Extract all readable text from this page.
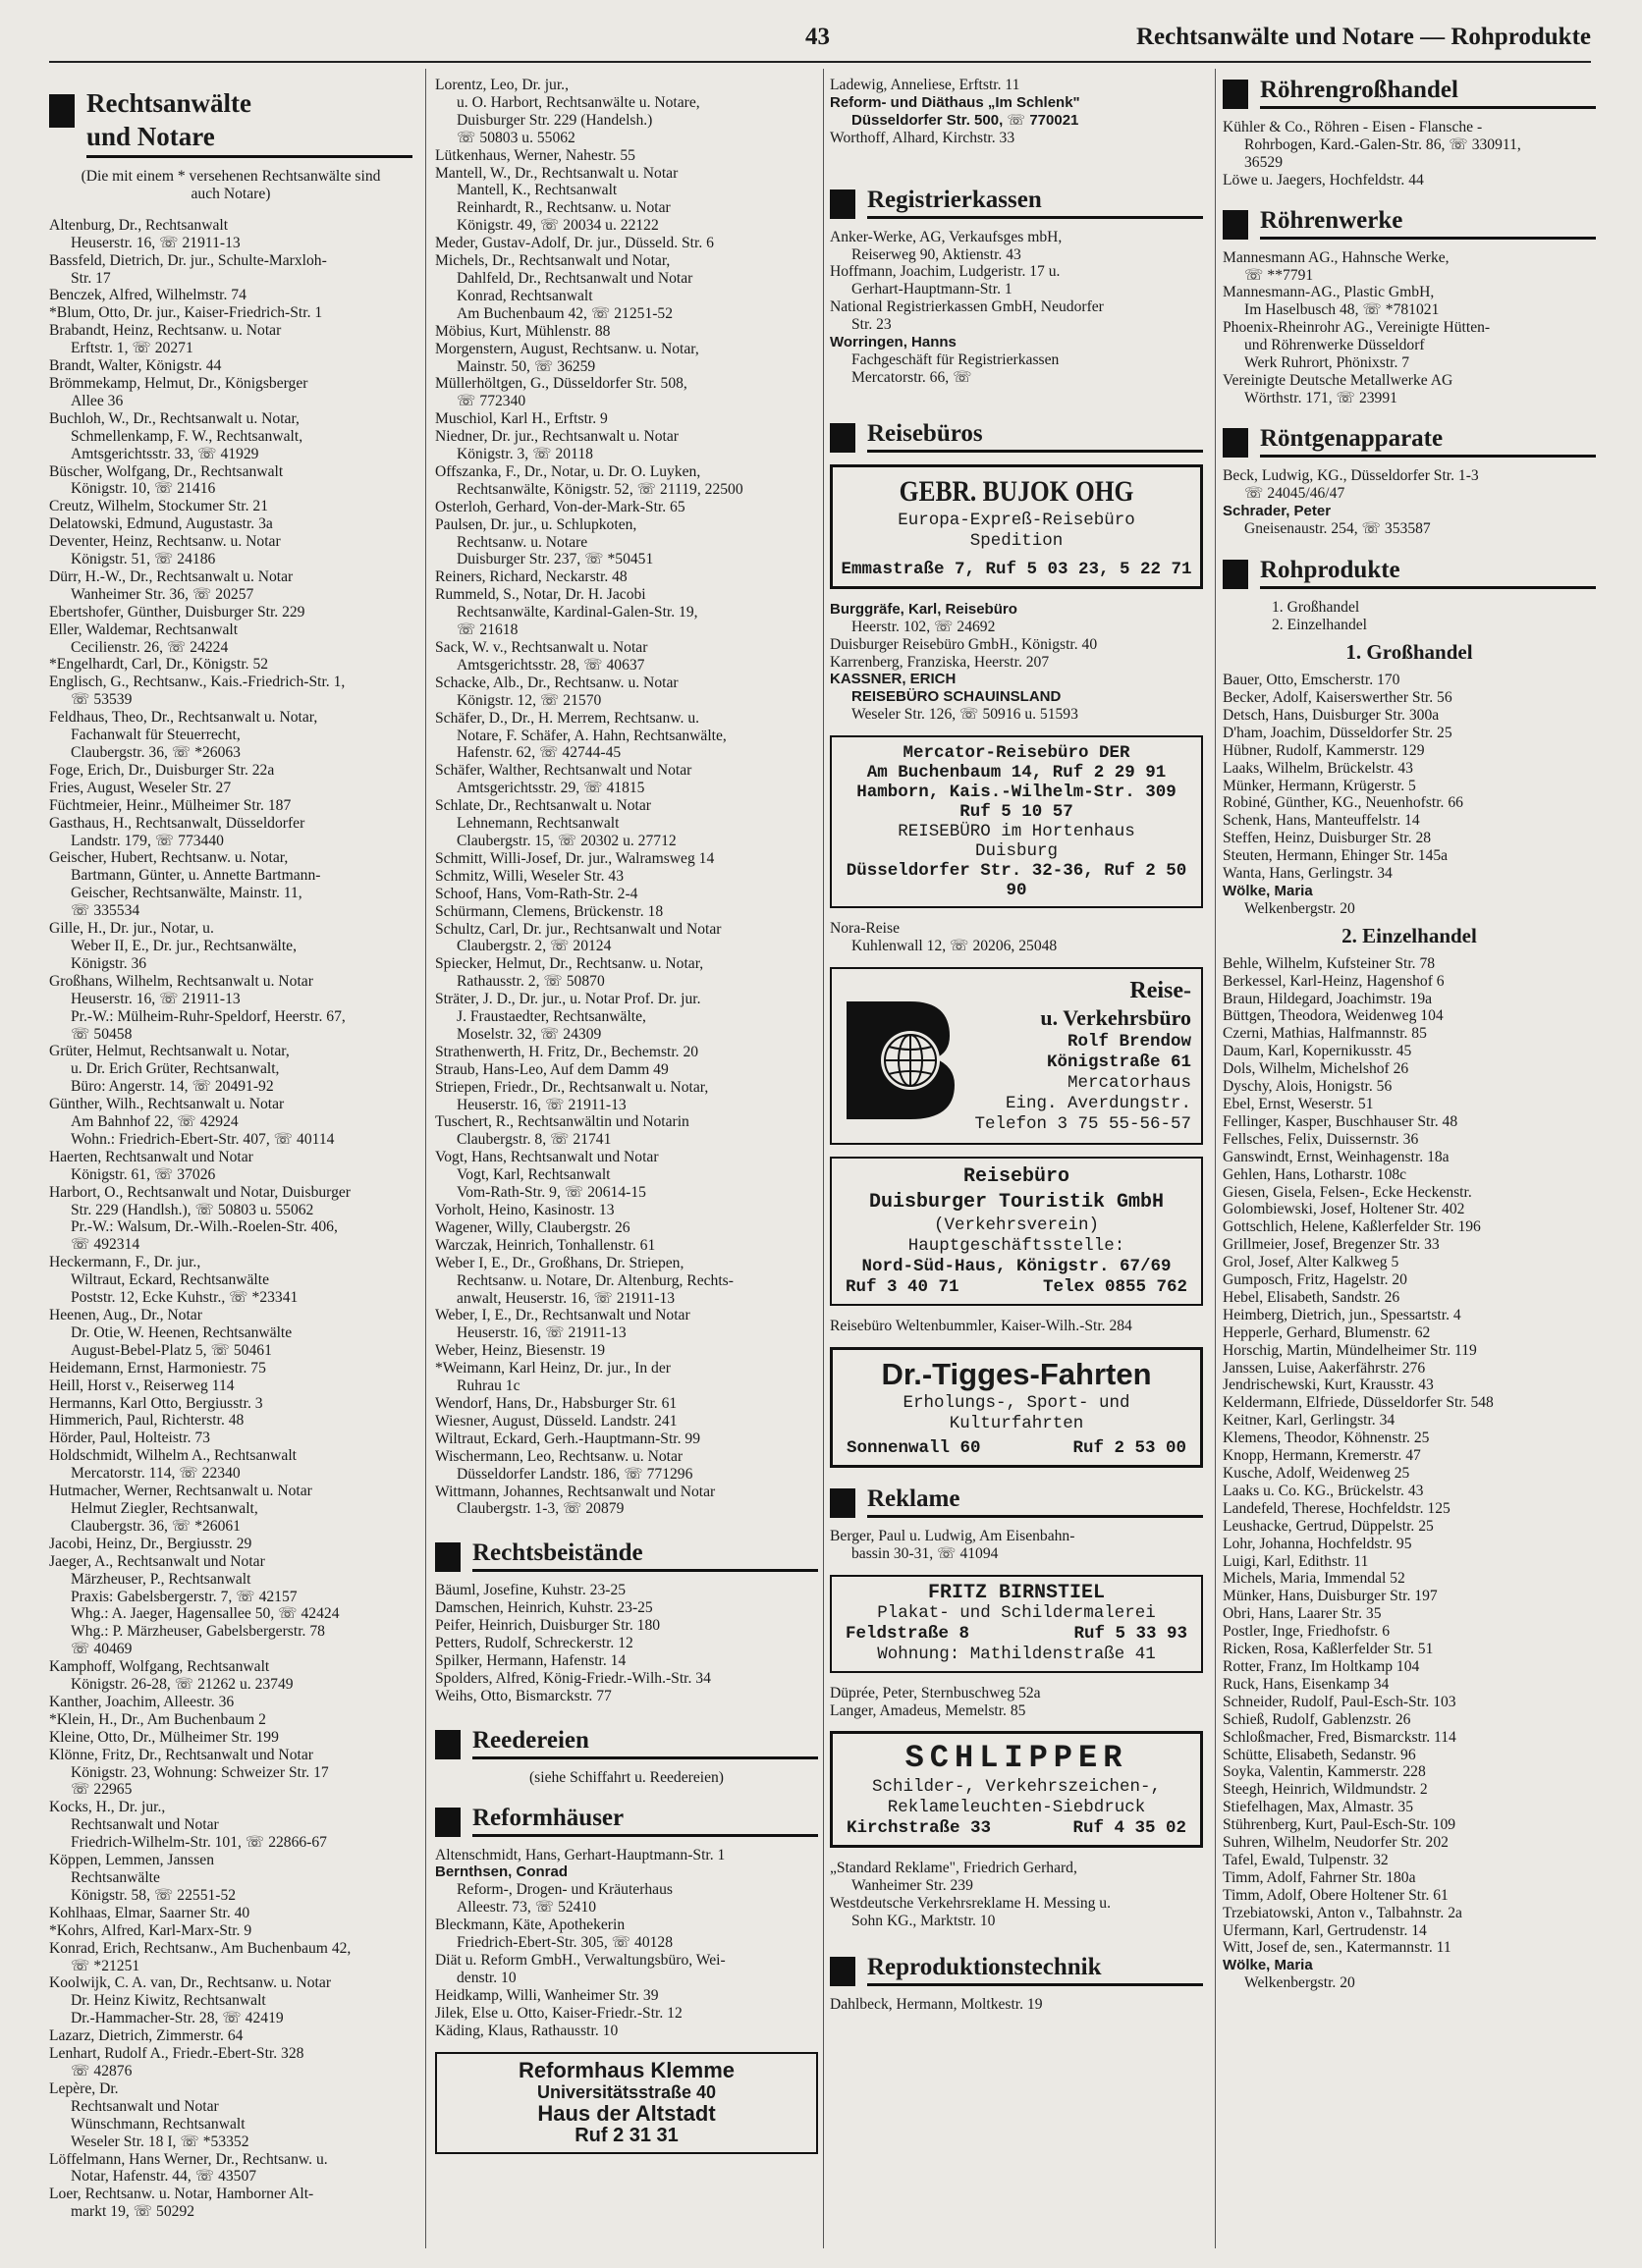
43	Rechtsanwälte und Notare — Rohprodukte
Rechtsanwälte
und Notare
(Die mit einem * versehenen Rechtsanwälte sind auch Notare)
Altenburg, Dr., Rechtsanwalt
Heuserstr. 16, ☏ 21911-13
Bassfeld, Dietrich, Dr. jur., Schulte-Marxloh-
Str. 17
Benczek, Alfred, Wilhelmstr. 74
*Blum, Otto, Dr. jur., Kaiser-Friedrich-Str. 1
Brabandt, Heinz, Rechtsanw. u. Notar
Erftstr. 1, ☏ 20271
Brandt, Walter, Königstr. 44
Brömmekamp, Helmut, Dr., Königsberger
Allee 36
Buchloh, W., Dr., Rechtsanwalt u. Notar,
Schmellenkamp, F. W., Rechtsanwalt,
Amtsgerichtsstr. 33, ☏ 41929
Büscher, Wolfgang, Dr., Rechtsanwalt
Königstr. 10, ☏ 21416
Creutz, Wilhelm, Stockumer Str. 21
Delatowski, Edmund, Augustastr. 3a
Deventer, Heinz, Rechtsanw. u. Notar
Königstr. 51, ☏ 24186
Dürr, H.-W., Dr., Rechtsanwalt u. Notar
Wanheimer Str. 36, ☏ 20257
Ebertshofer, Günther, Duisburger Str. 229
Eller, Waldemar, Rechtsanwalt
Cecilienstr. 26, ☏ 24224
*Engelhardt, Carl, Dr., Königstr. 52
Englisch, G., Rechtsanw., Kais.-Friedrich-Str. 1,
☏ 53539
Feldhaus, Theo, Dr., Rechtsanwalt u. Notar,
Fachanwalt für Steuerrecht,
Claubergstr. 36, ☏ *26063
Foge, Erich, Dr., Duisburger Str. 22a
Fries, August, Weseler Str. 27
Füchtmeier, Heinr., Mülheimer Str. 187
Gasthaus, H., Rechtsanwalt, Düsseldorfer
Landstr. 179, ☏ 773440
Geischer, Hubert, Rechtsanw. u. Notar,
Bartmann, Günter, u. Annette Bartmann-
Geischer, Rechtsanwälte, Mainstr. 11,
☏ 335534
Gille, H., Dr. jur., Notar, u.
Weber II, E., Dr. jur., Rechtsanwälte,
Königstr. 36
Großhans, Wilhelm, Rechtsanwalt u. Notar
Heuserstr. 16, ☏ 21911-13
Pr.-W.: Mülheim-Ruhr-Speldorf, Heerstr. 67,
☏ 50458
Grüter, Helmut, Rechtsanwalt u. Notar,
u. Dr. Erich Grüter, Rechtsanwalt,
Büro: Angerstr. 14, ☏ 20491-92
Günther, Wilh., Rechtsanwalt u. Notar
Am Bahnhof 22, ☏ 42924
Wohn.: Friedrich-Ebert-Str. 407, ☏ 40114
Haerten, Rechtsanwalt und Notar
Königstr. 61, ☏ 37026
Harbort, O., Rechtsanwalt und Notar, Duisburger
Str. 229 (Handlsh.), ☏ 50803 u. 55062
Pr.-W.: Walsum, Dr.-Wilh.-Roelen-Str. 406,
☏ 492314
Heckermann, F., Dr. jur.,
Wiltraut, Eckard, Rechtsanwälte
Poststr. 12, Ecke Kuhstr., ☏ *23341
Heenen, Aug., Dr., Notar
Dr. Otie, W. Heenen, Rechtsanwälte
August-Bebel-Platz 5, ☏ 50461
Heidemann, Ernst, Harmoniestr. 75
Heill, Horst v., Reiserweg 114
Hermanns, Karl Otto, Bergiusstr. 3
Himmerich, Paul, Richterstr. 48
Hörder, Paul, Holteistr. 73
Holdschmidt, Wilhelm A., Rechtsanwalt
Mercatorstr. 114, ☏ 22340
Hutmacher, Werner, Rechtsanwalt u. Notar
Helmut Ziegler, Rechtsanwalt,
Claubergstr. 36, ☏ *26061
Jacobi, Heinz, Dr., Bergiusstr. 29
Jaeger, A., Rechtsanwalt und Notar
Märzheuser, P., Rechtsanwalt
Praxis: Gabelsbergerstr. 7, ☏ 42157
Whg.: A. Jaeger, Hagensallee 50, ☏ 42424
Whg.: P. Märzheuser, Gabelsbergerstr. 78
☏ 40469
Kamphoff, Wolfgang, Rechtsanwalt
Königstr. 26-28, ☏ 21262 u. 23749
Kanther, Joachim, Alleestr. 36
*Klein, H., Dr., Am Buchenbaum 2
Kleine, Otto, Dr., Mülheimer Str. 199
Klönne, Fritz, Dr., Rechtsanwalt und Notar
Königstr. 23, Wohnung: Schweizer Str. 17
☏ 22965
Kocks, H., Dr. jur.,
Rechtsanwalt und Notar
Friedrich-Wilhelm-Str. 101, ☏ 22866-67
Köppen, Lemmen, Janssen
Rechtsanwälte
Königstr. 58, ☏ 22551-52
Kohlhaas, Elmar, Saarner Str. 40
*Kohrs, Alfred, Karl-Marx-Str. 9
Konrad, Erich, Rechtsanw., Am Buchenbaum 42,
☏ *21251
Koolwijk, C. A. van, Dr., Rechtsanw. u. Notar
Dr. Heinz Kiwitz, Rechtsanwalt
Dr.-Hammacher-Str. 28, ☏ 42419
Lazarz, Dietrich, Zimmerstr. 64
Lenhart, Rudolf A., Friedr.-Ebert-Str. 328
☏ 42876
Lepère, Dr.
Rechtsanwalt und Notar
Wünschmann, Rechtsanwalt
Weseler Str. 18 I, ☏ *53352
Löffelmann, Hans Werner, Dr., Rechtsanw. u.
Notar, Hafenstr. 44, ☏ 43507
Loer, Rechtsanw. u. Notar, Hamborner Alt-
markt 19, ☏ 50292
Lorentz, Leo, Dr. jur.,
u. O. Harbort, Rechtsanwälte u. Notare,
Duisburger Str. 229 (Handelsh.)
☏ 50803 u. 55062
Lütkenhaus, Werner, Nahestr. 55
Mantell, W., Dr., Rechtsanwalt u. Notar
Mantell, K., Rechtsanwalt
Reinhardt, R., Rechtsanw. u. Notar
Königstr. 49, ☏ 20034 u. 22122
Meder, Gustav-Adolf, Dr. jur., Düsseld. Str. 6
Michels, Dr., Rechtsanwalt und Notar,
Dahlfeld, Dr., Rechtsanwalt und Notar
Konrad, Rechtsanwalt
Am Buchenbaum 42, ☏ 21251-52
Möbius, Kurt, Mühlenstr. 88
Morgenstern, August, Rechtsanw. u. Notar,
Mainstr. 50, ☏ 36259
Müllerhöltgen, G., Düsseldorfer Str. 508,
☏ 772340
Muschiol, Karl H., Erftstr. 9
Niedner, Dr. jur., Rechtsanwalt u. Notar
Königstr. 3, ☏ 20118
Offszanka, F., Dr., Notar, u. Dr. O. Luyken,
Rechtsanwälte, Königstr. 52, ☏ 21119, 22500
Osterloh, Gerhard, Von-der-Mark-Str. 65
Paulsen, Dr. jur., u. Schlupkoten,
Rechtsanw. u. Notare
Duisburger Str. 237, ☏ *50451
Reiners, Richard, Neckarstr. 48
Rummeld, S., Notar, Dr. H. Jacobi
Rechtsanwälte, Kardinal-Galen-Str. 19,
☏ 21618
Sack, W. v., Rechtsanwalt u. Notar
Amtsgerichtsstr. 28, ☏ 40637
Schacke, Alb., Dr., Rechtsanw. u. Notar
Königstr. 12, ☏ 21570
Schäfer, D., Dr., H. Merrem, Rechtsanw. u.
Notare, F. Schäfer, A. Hahn, Rechtsanwälte,
Hafenstr. 62, ☏ 42744-45
Schäfer, Walther, Rechtsanwalt und Notar
Amtsgerichtsstr. 29, ☏ 41815
Schlate, Dr., Rechtsanwalt u. Notar
Lehnemann, Rechtsanwalt
Claubergstr. 15, ☏ 20302 u. 27712
Schmitt, Willi-Josef, Dr. jur., Walramsweg 14
Schmitz, Willi, Weseler Str. 43
Schoof, Hans, Vom-Rath-Str. 2-4
Schürmann, Clemens, Brückenstr. 18
Schultz, Carl, Dr. jur., Rechtsanwalt und Notar
Claubergstr. 2, ☏ 20124
Spiecker, Helmut, Dr., Rechtsanw. u. Notar,
Rathausstr. 2, ☏ 50870
Sträter, J. D., Dr. jur., u. Notar Prof. Dr. jur.
J. Fraustaedter, Rechtsanwälte,
Moselstr. 32, ☏ 24309
Strathenwerth, H. Fritz, Dr., Bechemstr. 20
Straub, Hans-Leo, Auf dem Damm 49
Striepen, Friedr., Dr., Rechtsanwalt u. Notar,
Heuserstr. 16, ☏ 21911-13
Tuschert, R., Rechtsanwältin und Notarin
Claubergstr. 8, ☏ 21741
Vogt, Hans, Rechtsanwalt und Notar
Vogt, Karl, Rechtsanwalt
Vom-Rath-Str. 9, ☏ 20614-15
Vorholt, Heino, Kasinostr. 13
Wagener, Willy, Claubergstr. 26
Warczak, Heinrich, Tonhallenstr. 61
Weber I, E., Dr., Großhans, Dr. Striepen,
Rechtsanw. u. Notare, Dr. Altenburg, Rechts-
anwalt, Heuserstr. 16, ☏ 21911-13
Weber, I, E., Dr., Rechtsanwalt und Notar
Heuserstr. 16, ☏ 21911-13
Weber, Heinz, Biesenstr. 19
*Weimann, Karl Heinz, Dr. jur., In der
Ruhrau 1c
Wendorf, Hans, Dr., Habsburger Str. 61
Wiesner, August, Düsseld. Landstr. 241
Wiltraut, Eckard, Gerh.-Hauptmann-Str. 99
Wischermann, Leo, Rechtsanw. u. Notar
Düsseldorfer Landstr. 186, ☏ 771296
Wittmann, Johannes, Rechtsanwalt und Notar
Claubergstr. 1-3, ☏ 20879
Rechtsbeistände
Bäuml, Josefine, Kuhstr. 23-25
Damschen, Heinrich, Kuhstr. 23-25
Peifer, Heinrich, Duisburger Str. 180
Petters, Rudolf, Schreckerstr. 12
Spilker, Hermann, Hafenstr. 14
Spolders, Alfred, König-Friedr.-Wilh.-Str. 34
Weihs, Otto, Bismarckstr. 77
Reedereien
(siehe Schiffahrt u. Reedereien)
Reformhäuser
Altenschmidt, Hans, Gerhart-Hauptmann-Str. 1
Bernthsen, Conrad
Reform-, Drogen- und Kräuterhaus
Alleestr. 73, ☏ 52410
Bleckmann, Käte, Apothekerin
Friedrich-Ebert-Str. 305, ☏ 40128
Diät u. Reform GmbH., Verwaltungsbüro, Wei-
denstr. 10
Heidkamp, Willi, Wanheimer Str. 39
Jilek, Else u. Otto, Kaiser-Friedr.-Str. 12
Käding, Klaus, Rathausstr. 10
Reformhaus Klemme
Universitätsstraße 40
Haus der Altstadt
Ruf 2 31 31
Ladewig, Anneliese, Erftstr. 11
Reform- und Diäthaus „Im Schlenk"
Düsseldorfer Str. 500, ☏ 770021
Worthoff, Alhard, Kirchstr. 33
Registrierkassen
Anker-Werke, AG, Verkaufsges mbH,
Reiserweg 90, Aktienstr. 43
Hoffmann, Joachim, Ludgeristr. 17 u.
Gerhart-Hauptmann-Str. 1
National Registrierkassen GmbH, Neudorfer
Str. 23
Worringen, Hanns
Fachgeschäft für Registrierkassen
Mercatorstr. 66, ☏
Reisebüros
GEBR. BUJOK OHG
Europa-Expreß-Reisebüro
Spedition
Emmastraße 7, Ruf 5 03 23, 5 22 71
Burggräfe, Karl, Reisebüro
Heerstr. 102, ☏ 24692
Duisburger Reisebüro GmbH., Königstr. 40
Karrenberg, Franziska, Heerstr. 207
KASSNER, ERICH
REISEBÜRO SCHAUINSLAND
Weseler Str. 126, ☏ 50916 u. 51593
Mercator-Reisebüro DER
Am Buchenbaum 14, Ruf 2 29 91
Hamborn, Kais.-Wilhelm-Str. 309
Ruf 5 10 57
REISEBÜRO im Hortenhaus
Duisburg
Düsseldorfer Str. 32-36, Ruf 2 50 90
Nora-Reise
Kuhlenwall 12, ☏ 20206, 25048
Reise-
u. Verkehrsbüro
Rolf Brendow
Königstraße 61
Mercatorhaus
Eing. Averdungstr.
Telefon 3 75 55-56-57
Reisebüro
Duisburger Touristik GmbH
(Verkehrsverein)
Hauptgeschäftsstelle:
Nord-Süd-Haus, Königstr. 67/69
Ruf 3 40 71	Telex 0855 762
Reisebüro Weltenbummler, Kaiser-Wilh.-Str. 284
Dr.-Tigges-Fahrten
Erholungs-, Sport- und
Kulturfahrten
Sonnenwall 60	Ruf 2 53 00
Reklame
Berger, Paul u. Ludwig, Am Eisenbahn-
bassin 30-31, ☏ 41094
FRITZ BIRNSTIEL
Plakat- und Schildermalerei
Feldstraße 8	Ruf 5 33 93
Wohnung: Mathildenstraße 41
Düprée, Peter, Sternbuschweg 52a
Langer, Amadeus, Memelstr. 85
SCHLIPPER
Schilder-, Verkehrszeichen-,
Reklameleuchten-Siebdruck
Kirchstraße 33	Ruf 4 35 02
„Standard Reklame", Friedrich Gerhard,
Wanheimer Str. 239
Westdeutsche Verkehrsreklame H. Messing u.
Sohn KG., Marktstr. 10
Reproduktionstechnik
Dahlbeck, Hermann, Moltkestr. 19
Röhrengroßhandel
Kühler & Co., Röhren - Eisen - Flansche -
Rohrbogen, Kard.-Galen-Str. 86, ☏ 330911,
36529
Löwe u. Jaegers, Hochfeldstr. 44
Röhrenwerke
Mannesmann AG., Hahnsche Werke,
☏ **7791
Mannesmann-AG., Plastic GmbH,
Im Haselbusch 48, ☏ *781021
Phoenix-Rheinrohr AG., Vereinigte Hütten-
und Röhrenwerke Düsseldorf
Werk Ruhrort, Phönixstr. 7
Vereinigte Deutsche Metallwerke AG
Wörthstr. 171, ☏ 23991
Röntgenapparate
Beck, Ludwig, KG., Düsseldorfer Str. 1-3
☏ 24045/46/47
Schrader, Peter
Gneisenaustr. 254, ☏ 353587
Rohprodukte
1. Großhandel
2. Einzelhandel
1. Großhandel
Bauer, Otto, Emscherstr. 170
Becker, Adolf, Kaiserswerther Str. 56
Detsch, Hans, Duisburger Str. 300a
D'ham, Joachim, Düsseldorfer Str. 25
Hübner, Rudolf, Kammerstr. 129
Laaks, Wilhelm, Brückelstr. 43
Münker, Hermann, Krügerstr. 5
Robiné, Günther, KG., Neuenhofstr. 66
Schenk, Hans, Manteuffelstr. 14
Steffen, Heinz, Duisburger Str. 28
Steuten, Hermann, Ehinger Str. 145a
Wanta, Hans, Gerlingstr. 34
Wölke, Maria
Welkenbergstr. 20
2. Einzelhandel
Behle, Wilhelm, Kufsteiner Str. 78
Berkessel, Karl-Heinz, Hagenshof 6
Braun, Hildegard, Joachimstr. 19a
Büttgen, Theodora, Weidenweg 104
Czerni, Mathias, Halfmannstr. 85
Daum, Karl, Kopernikusstr. 45
Dols, Wilhelm, Michelshof 26
Dyschy, Alois, Honigstr. 56
Ebel, Ernst, Weserstr. 51
Fellinger, Kasper, Buschhauser Str. 48
Fellsches, Felix, Duissernstr. 36
Ganswindt, Ernst, Weinhagenstr. 18a
Gehlen, Hans, Lotharstr. 108c
Giesen, Gisela, Felsen-, Ecke Heckenstr.
Golombiewski, Josef, Holtener Str. 402
Gottschlich, Helene, Kaßlerfelder Str. 196
Grillmeier, Josef, Bregenzer Str. 33
Grol, Josef, Alter Kalkweg 5
Gumposch, Fritz, Hagelstr. 20
Hebel, Elisabeth, Sandstr. 26
Heimberg, Dietrich, jun., Spessartstr. 4
Hepperle, Gerhard, Blumenstr. 62
Horschig, Martin, Mündelheimer Str. 119
Janssen, Luise, Aakerfährstr. 276
Jendrischewski, Kurt, Krausstr. 43
Keldermann, Elfriede, Düsseldorfer Str. 548
Keitner, Karl, Gerlingstr. 34
Klemens, Theodor, Köhnenstr. 25
Knopp, Hermann, Kremerstr. 47
Kusche, Adolf, Weidenweg 25
Laaks u. Co. KG., Brückelstr. 43
Landefeld, Therese, Hochfeldstr. 125
Leushacke, Gertrud, Düppelstr. 25
Lohr, Johanna, Hochfeldstr. 95
Luigi, Karl, Edithstr. 11
Michels, Maria, Immendal 52
Münker, Hans, Duisburger Str. 197
Obri, Hans, Laarer Str. 35
Postler, Inge, Friedhofstr. 6
Ricken, Rosa, Kaßlerfelder Str. 51
Rotter, Franz, Im Holtkamp 104
Ruck, Hans, Eisenkamp 34
Schneider, Rudolf, Paul-Esch-Str. 103
Schieß, Rudolf, Gablenzstr. 26
Schloßmacher, Fred, Bismarckstr. 114
Schütte, Elisabeth, Sedanstr. 96
Soyka, Valentin, Kammerstr. 228
Steegh, Heinrich, Wildmundstr. 2
Stiefelhagen, Max, Almastr. 35
Stührenberg, Kurt, Paul-Esch-Str. 109
Suhren, Wilhelm, Neudorfer Str. 202
Tafel, Ewald, Tulpenstr. 32
Timm, Adolf, Fahrner Str. 180a
Timm, Adolf, Obere Holtener Str. 61
Trzebiatowski, Anton v., Talbahnstr. 2a
Ufermann, Karl, Gertrudenstr. 14
Witt, Josef de, sen., Katermannstr. 11
Wölke, Maria
Welkenbergstr. 20
